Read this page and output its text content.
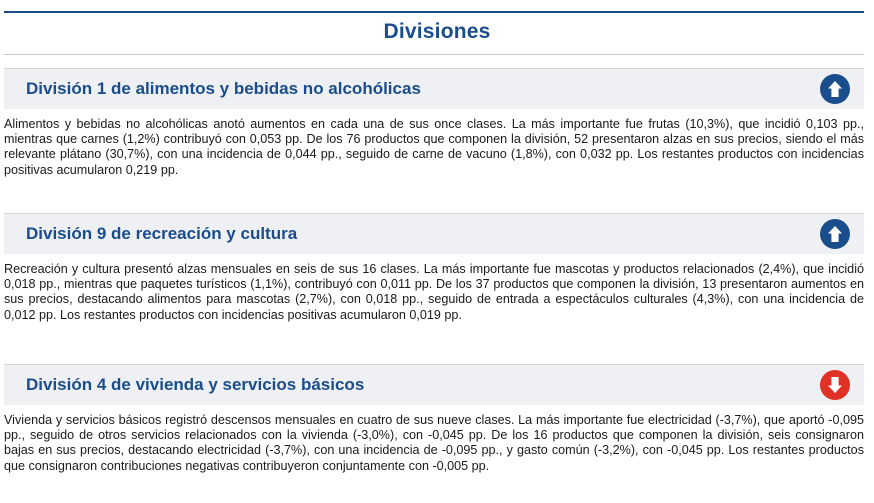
Divisiones
División 1 de alimentos y bebidas no alcohólicas
Alimentos y bebidas no alcohólicas anotó aumentos en cada una de sus once clases. La más importante fue frutas (10,3%), que incidió 0,103 pp., mientras que carnes (1,2%) contribuyó con 0,053 pp. De los 76 productos que componen la división, 52 presentaron alzas en sus precios, siendo el más relevante plátano (30,7%), con una incidencia de 0,044 pp., seguido de carne de vacuno (1,8%), con 0,032 pp. Los restantes productos con incidencias positivas acumularon 0,219 pp.
División 9 de recreación y cultura
Recreación y cultura presentó alzas mensuales en seis de sus 16 clases. La más importante fue mascotas y productos relacionados (2,4%), que incidió 0,018 pp., mientras que paquetes turísticos (1,1%), contribuyó con 0,011 pp. De los 37 productos que componen la división, 13 presentaron aumentos en sus precios, destacando alimentos para mascotas (2,7%), con 0,018 pp., seguido de entrada a espectáculos culturales (4,3%), con una incidencia de 0,012 pp. Los restantes productos con incidencias positivas acumularon 0,019 pp.
División 4 de vivienda y servicios básicos
Vivienda y servicios básicos registró descensos mensuales en cuatro de sus nueve clases. La más importante fue electricidad (-3,7%), que aportó -0,095 pp., seguido de otros servicios relacionados con la vivienda (-3,0%), con -0,045 pp. De los 16 productos que componen la división, seis consignaron bajas en sus precios, destacando electricidad (-3,7%), con una incidencia de -0,095 pp., y gasto común (-3,2%), con -0,045 pp. Los restantes productos que consignaron contribuciones negativas contribuyeron conjuntamente con -0,005 pp.
